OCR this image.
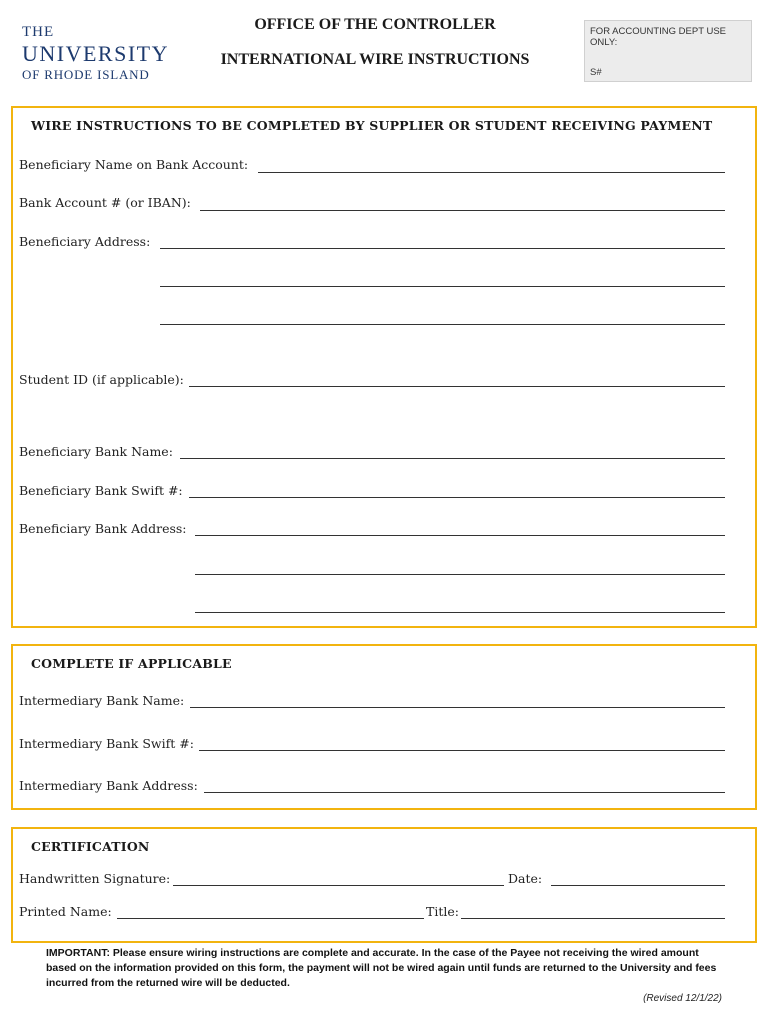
THE
UNIVERSITY
OF RHODE ISLAND
OFFICE OF THE CONTROLLER
INTERNATIONAL WIRE INSTRUCTIONS
FOR ACCOUNTING DEPT USE ONLY:
S#
WIRE INSTRUCTIONS TO BE COMPLETED BY SUPPLIER OR STUDENT RECEIVING PAYMENT
Beneficiary Name on Bank Account:
Bank Account # (or IBAN):
Beneficiary Address:
Student ID (if applicable):
Beneficiary Bank Name:
Beneficiary Bank Swift #:
Beneficiary Bank Address:
COMPLETE IF APPLICABLE
Intermediary Bank Name:
Intermediary Bank Swift #:
Intermediary Bank Address:
CERTIFICATION
Handwritten Signature:	Date:
Printed Name:	Title:
IMPORTANT: Please ensure wiring instructions are complete and accurate. In the case of the Payee not receiving the wired amount based on the information provided on this form, the payment will not be wired again until funds are returned to the University and fees incurred from the returned wire will be deducted.
(Revised 12/1/22)
